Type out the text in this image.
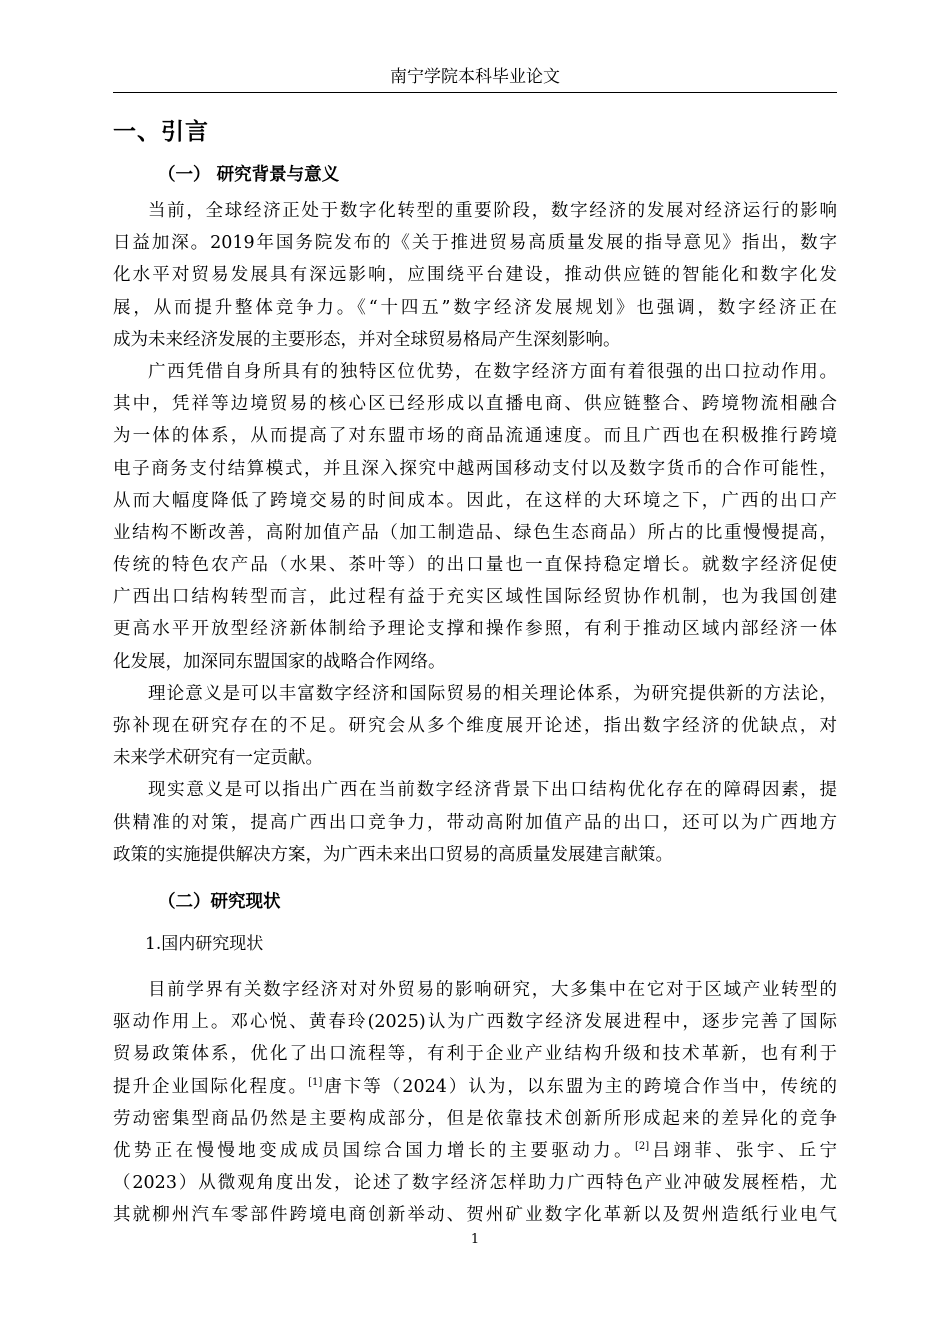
南宁学院本科毕业论文
一、引言
（一） 研究背景与意义
当前，全球经济正处于数字化转型的重要阶段，数字经济的发展对经济运行的影响
日益加深。2019年国务院发布的《关于推进贸易高质量发展的指导意见》指出，数字
化水平对贸易发展具有深远影响，应围绕平台建设，推动供应链的智能化和数字化发
展，从而提升整体竞争力。《“十四五”数字经济发展规划》也强调，数字经济正在
成为未来经济发展的主要形态，并对全球贸易格局产生深刻影响。
广西凭借自身所具有的独特区位优势，在数字经济方面有着很强的出口拉动作用。
其中，凭祥等边境贸易的核心区已经形成以直播电商、供应链整合、跨境物流相融合
为一体的体系，从而提高了对东盟市场的商品流通速度。而且广西也在积极推行跨境
电子商务支付结算模式，并且深入探究中越两国移动支付以及数字货币的合作可能性，
从而大幅度降低了跨境交易的时间成本。因此，在这样的大环境之下，广西的出口产
业结构不断改善，高附加值产品（加工制造品、绿色生态商品）所占的比重慢慢提高，
传统的特色农产品（水果、茶叶等）的出口量也一直保持稳定增长。就数字经济促使
广西出口结构转型而言，此过程有益于充实区域性国际经贸协作机制，也为我国创建
更高水平开放型经济新体制给予理论支撑和操作参照，有利于推动区域内部经济一体
化发展，加深同东盟国家的战略合作网络。
理论意义是可以丰富数字经济和国际贸易的相关理论体系，为研究提供新的方法论，
弥补现在研究存在的不足。研究会从多个维度展开论述，指出数字经济的优缺点，对
未来学术研究有一定贡献。
现实意义是可以指出广西在当前数字经济背景下出口结构优化存在的障碍因素，提
供精准的对策，提高广西出口竞争力，带动高附加值产品的出口，还可以为广西地方
政策的实施提供解决方案，为广西未来出口贸易的高质量发展建言献策。
（二）研究现状
1.国内研究现状
目前学界有关数字经济对对外贸易的影响研究，大多集中在它对于区域产业转型的
驱动作用上。邓心悦、黄春玲(2025)认为广西数字经济发展进程中，逐步完善了国际
贸易政策体系，优化了出口流程等，有利于企业产业结构升级和技术革新，也有利于
提升企业国际化程度。[1]唐卞等（2024）认为，以东盟为主的跨境合作当中，传统的
劳动密集型商品仍然是主要构成部分，但是依靠技术创新所形成起来的差异化的竞争
优势正在慢慢地变成成员国综合国力增长的主要驱动力。[2]吕翊菲、张宇、丘宁
（2023）从微观角度出发，论述了数字经济怎样助力广西特色产业冲破发展桎梏，尤
其就柳州汽车零部件跨境电商创新举动、贺州矿业数字化革新以及贺州造纸行业电气
1
